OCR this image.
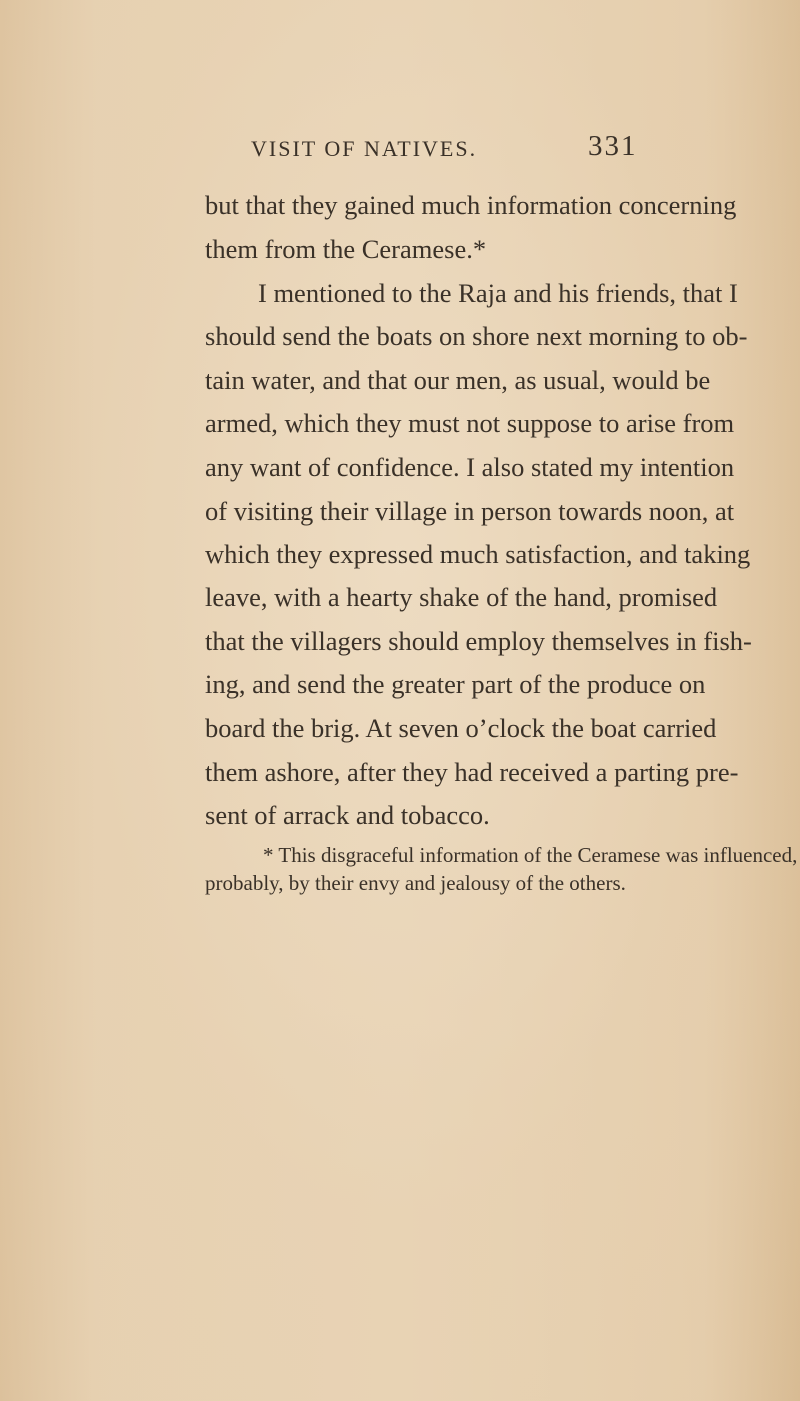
VISIT OF NATIVES.	331
but that they gained much information concerning
them from the Ceramese.*
I mentioned to the Raja and his friends, that I
should send the boats on shore next morning to ob-
tain water, and that our men, as usual, would be
armed, which they must not suppose to arise from
any want of confidence. I also stated my intention
of visiting their village in person towards noon, at
which they expressed much satisfaction, and taking
leave, with a hearty shake of the hand, promised
that the villagers should employ themselves in fish-
ing, and send the greater part of the produce on
board the brig. At seven o’clock the boat carried
them ashore, after they had received a parting pre-
sent of arrack and tobacco.
* This disgraceful information of the Ceramese was influenced,
probably, by their envy and jealousy of the others.
